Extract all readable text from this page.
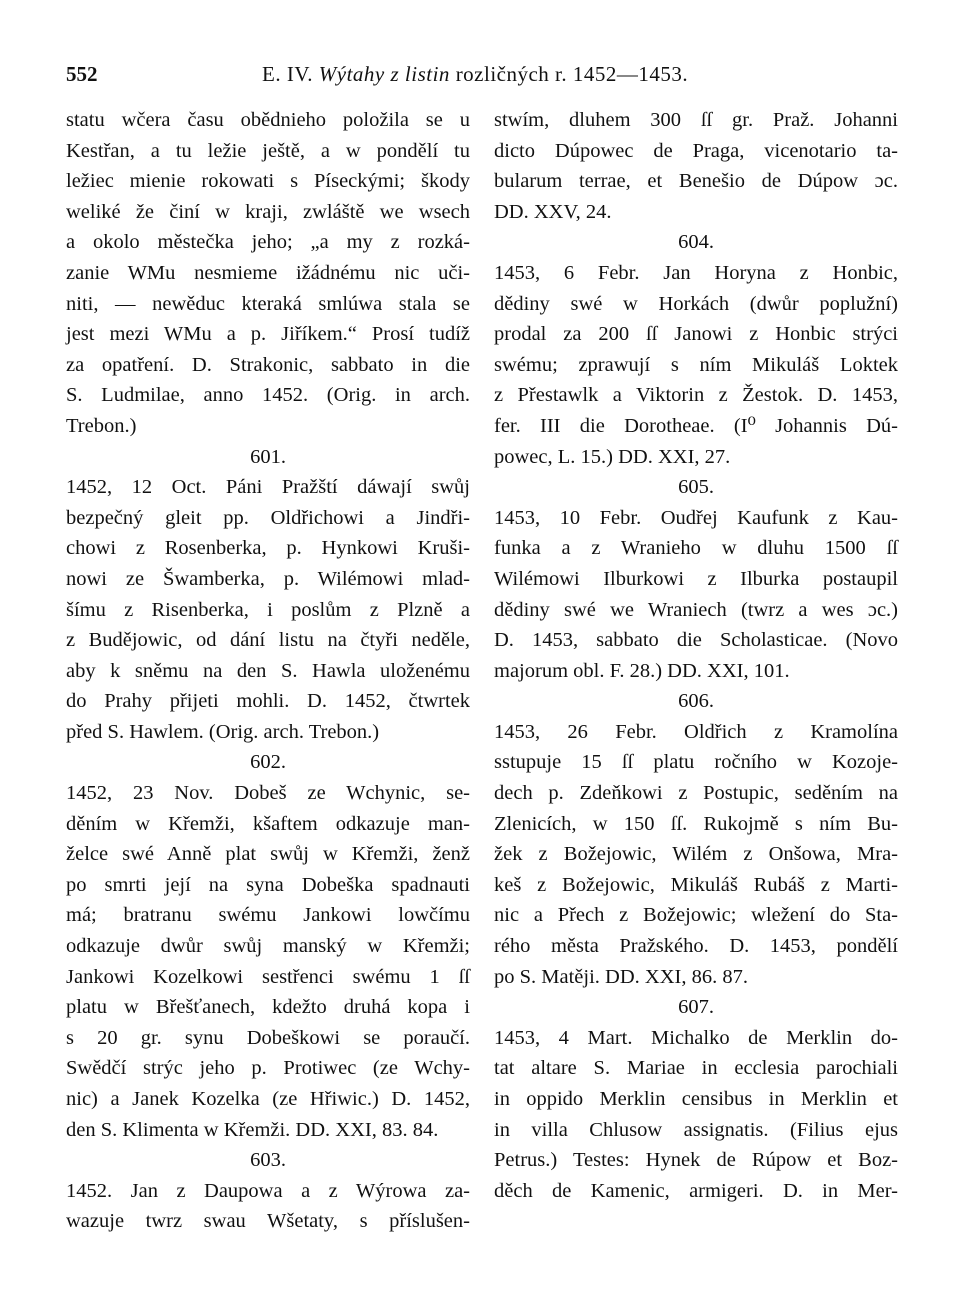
552	E. IV. Wýtahy z listin rozličných r. 1452—1453.

statu wčera času obědnieho položila se u

Kestřan, a tu ležie ještě, a w pondělí tu

ležiec mienie rokowati s Píseckými; škody

weliké že činí w kraji, zwláště we wsech

a okolo městečka jeho; „a my z rozká-

zanie WMu nesmieme ižádnému nic uči-

niti, — newěduc kteraká smlúwa stala se

jest mezi WMu a p. Jiříkem.“ Prosí tudíž

za opatření. D. Strakonic, sabbato in die

S. Ludmilae, anno 1452. (Orig. in arch.

Trebon.)

601.

1452, 12 Oct. Páni Pražští dáwají swůj

bezpečný gleit pp. Oldřichowi a Jindři-

chowi z Rosenberka, p. Hynkowi Kruši-

nowi ze Šwamberka, p. Wilémowi mlad-

šímu z Risenberka, i poslům z Plzně a

z Budějowic, od dání listu na čtyři neděle,

aby k sněmu na den S. Hawla uloženému

do Prahy přijeti mohli. D. 1452, čtwrtek

před S. Hawlem. (Orig. arch. Trebon.)

602.

1452, 23 Nov. Dobeš ze Wchynic, se-

děním w Křemži, kšaftem odkazuje man-

želce swé Anně plat swůj w Křemži, ženž

po smrti její na syna Dobeška spadnauti

má; bratranu swému Jankowi lowčímu

odkazuje dwůr swůj manský w Křemži;

Jankowi Kozelkowi sestřenci swému 1 ſſ

platu w Břešťanech, kdežto druhá kopa i

s 20 gr. synu Dobeškowi se poraučí.

Swědčí strýc jeho p. Protiwec (ze Wchy-

nic) a Janek Kozelka (ze Hřiwic.) D. 1452,

den S. Klimenta w Křemži. DD. XXI, 83. 84.

603.

1452. Jan z Daupowa a z Wýrowa za-

wazuje twrz swau Wšetaty, s příslušen-

stwím, dluhem 300 ſſ gr. Praž. Johanni

dicto Dúpowec de Praga, vicenotario ta-

bularum terrae, et Benešio de Dúpow ɔc.

DD. XXV, 24.

604.

1453, 6 Febr. Jan Horyna z Honbic,

dědiny swé w Horkách (dwůr poplužní)

prodal za 200 ſſ Janowi z Honbic strýci

swému; zprawují s ním Mikuláš Loktek

z Přestawlk a Viktorin z Žestok. D. 1453,

fer. III die Dorotheae. (I⁰ Johannis Dú-

powec, L. 15.) DD. XXI, 27.

605.

1453, 10 Febr. Oudřej Kaufunk z Kau-

funka a z Wranieho w dluhu 1500 ſſ

Wilémowi Ilburkowi z Ilburka postaupil

dědiny swé we Wraniech (twrz a wes ɔc.)

D. 1453, sabbato die Scholasticae. (Novo

majorum obl. F. 28.) DD. XXI, 101.

606.

1453, 26 Febr. Oldřich z Kramolína

sstupuje 15 ſſ platu ročního w Kozoje-

dech p. Zdeňkowi z Postupic, seděním na

Zlenicích, w 150 ſſ. Rukojmě s ním Bu-

žek z Božejowic, Wilém z Onšowa, Mra-

keš z Božejowic, Mikuláš Rubáš z Marti-

nic a Přech z Božejowic; wležení do Sta-

rého města Pražského. D. 1453, pondělí

po S. Matěji. DD. XXI, 86. 87.

607.

1453, 4 Mart. Michalko de Merklin do-

tat altare S. Mariae in ecclesia parochiali

in oppido Merklin censibus in Merklin et

in villa Chlusow assignatis. (Filius ejus

Petrus.) Testes: Hynek de Rúpow et Boz-

děch de Kamenic, armigeri. D. in Mer-
